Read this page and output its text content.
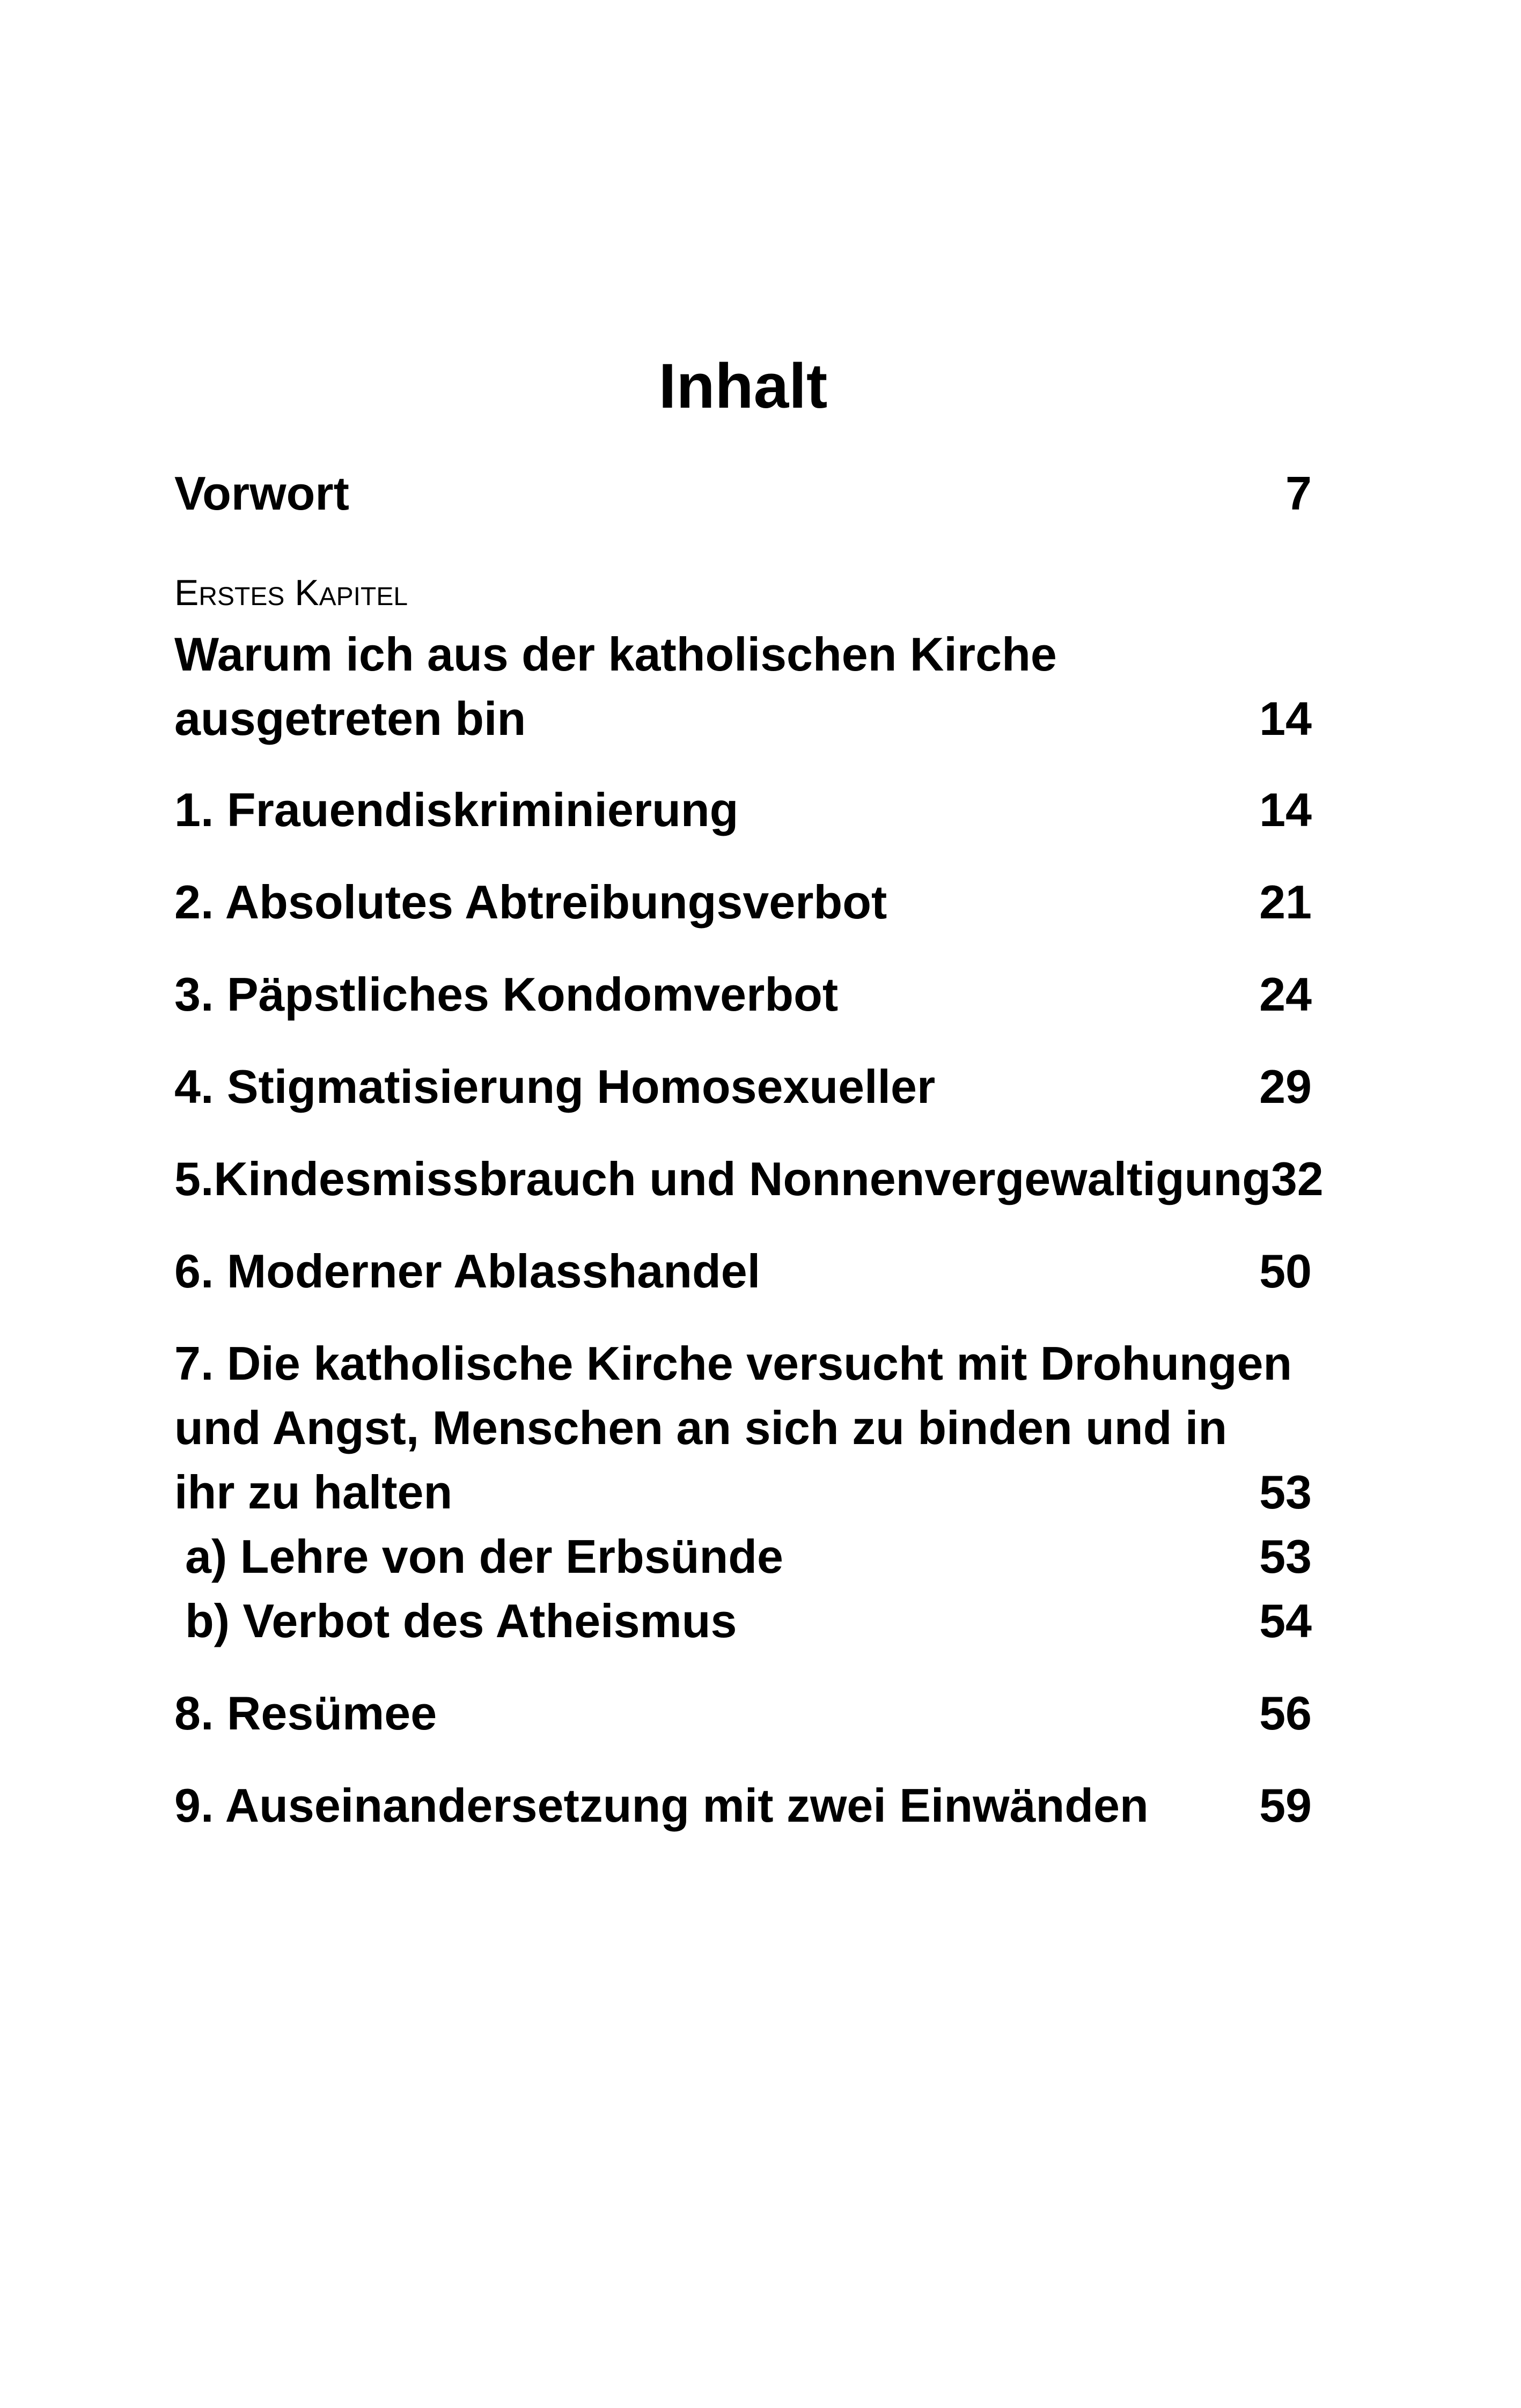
Inhalt
Vorwort	7
Erstes Kapitel
Warum ich aus der katholischen Kirche
ausgetreten bin	14
1. Frauendiskriminierung	14
2. Absolutes Abtreibungsverbot	21
3. Päpstliches Kondomverbot	24
4. Stigmatisierung Homosexueller	29
5.Kindesmissbrauch und Nonnenvergewaltigung 32
6. Moderner Ablasshandel	50
7. Die katholische Kirche versucht mit Drohungen
und Angst, Menschen an sich zu binden und in
ihr zu halten	53
a) Lehre von der Erbsünde	53
b) Verbot des Atheismus	54
8. Resümee	56
9. Auseinandersetzung mit zwei Einwänden 59
